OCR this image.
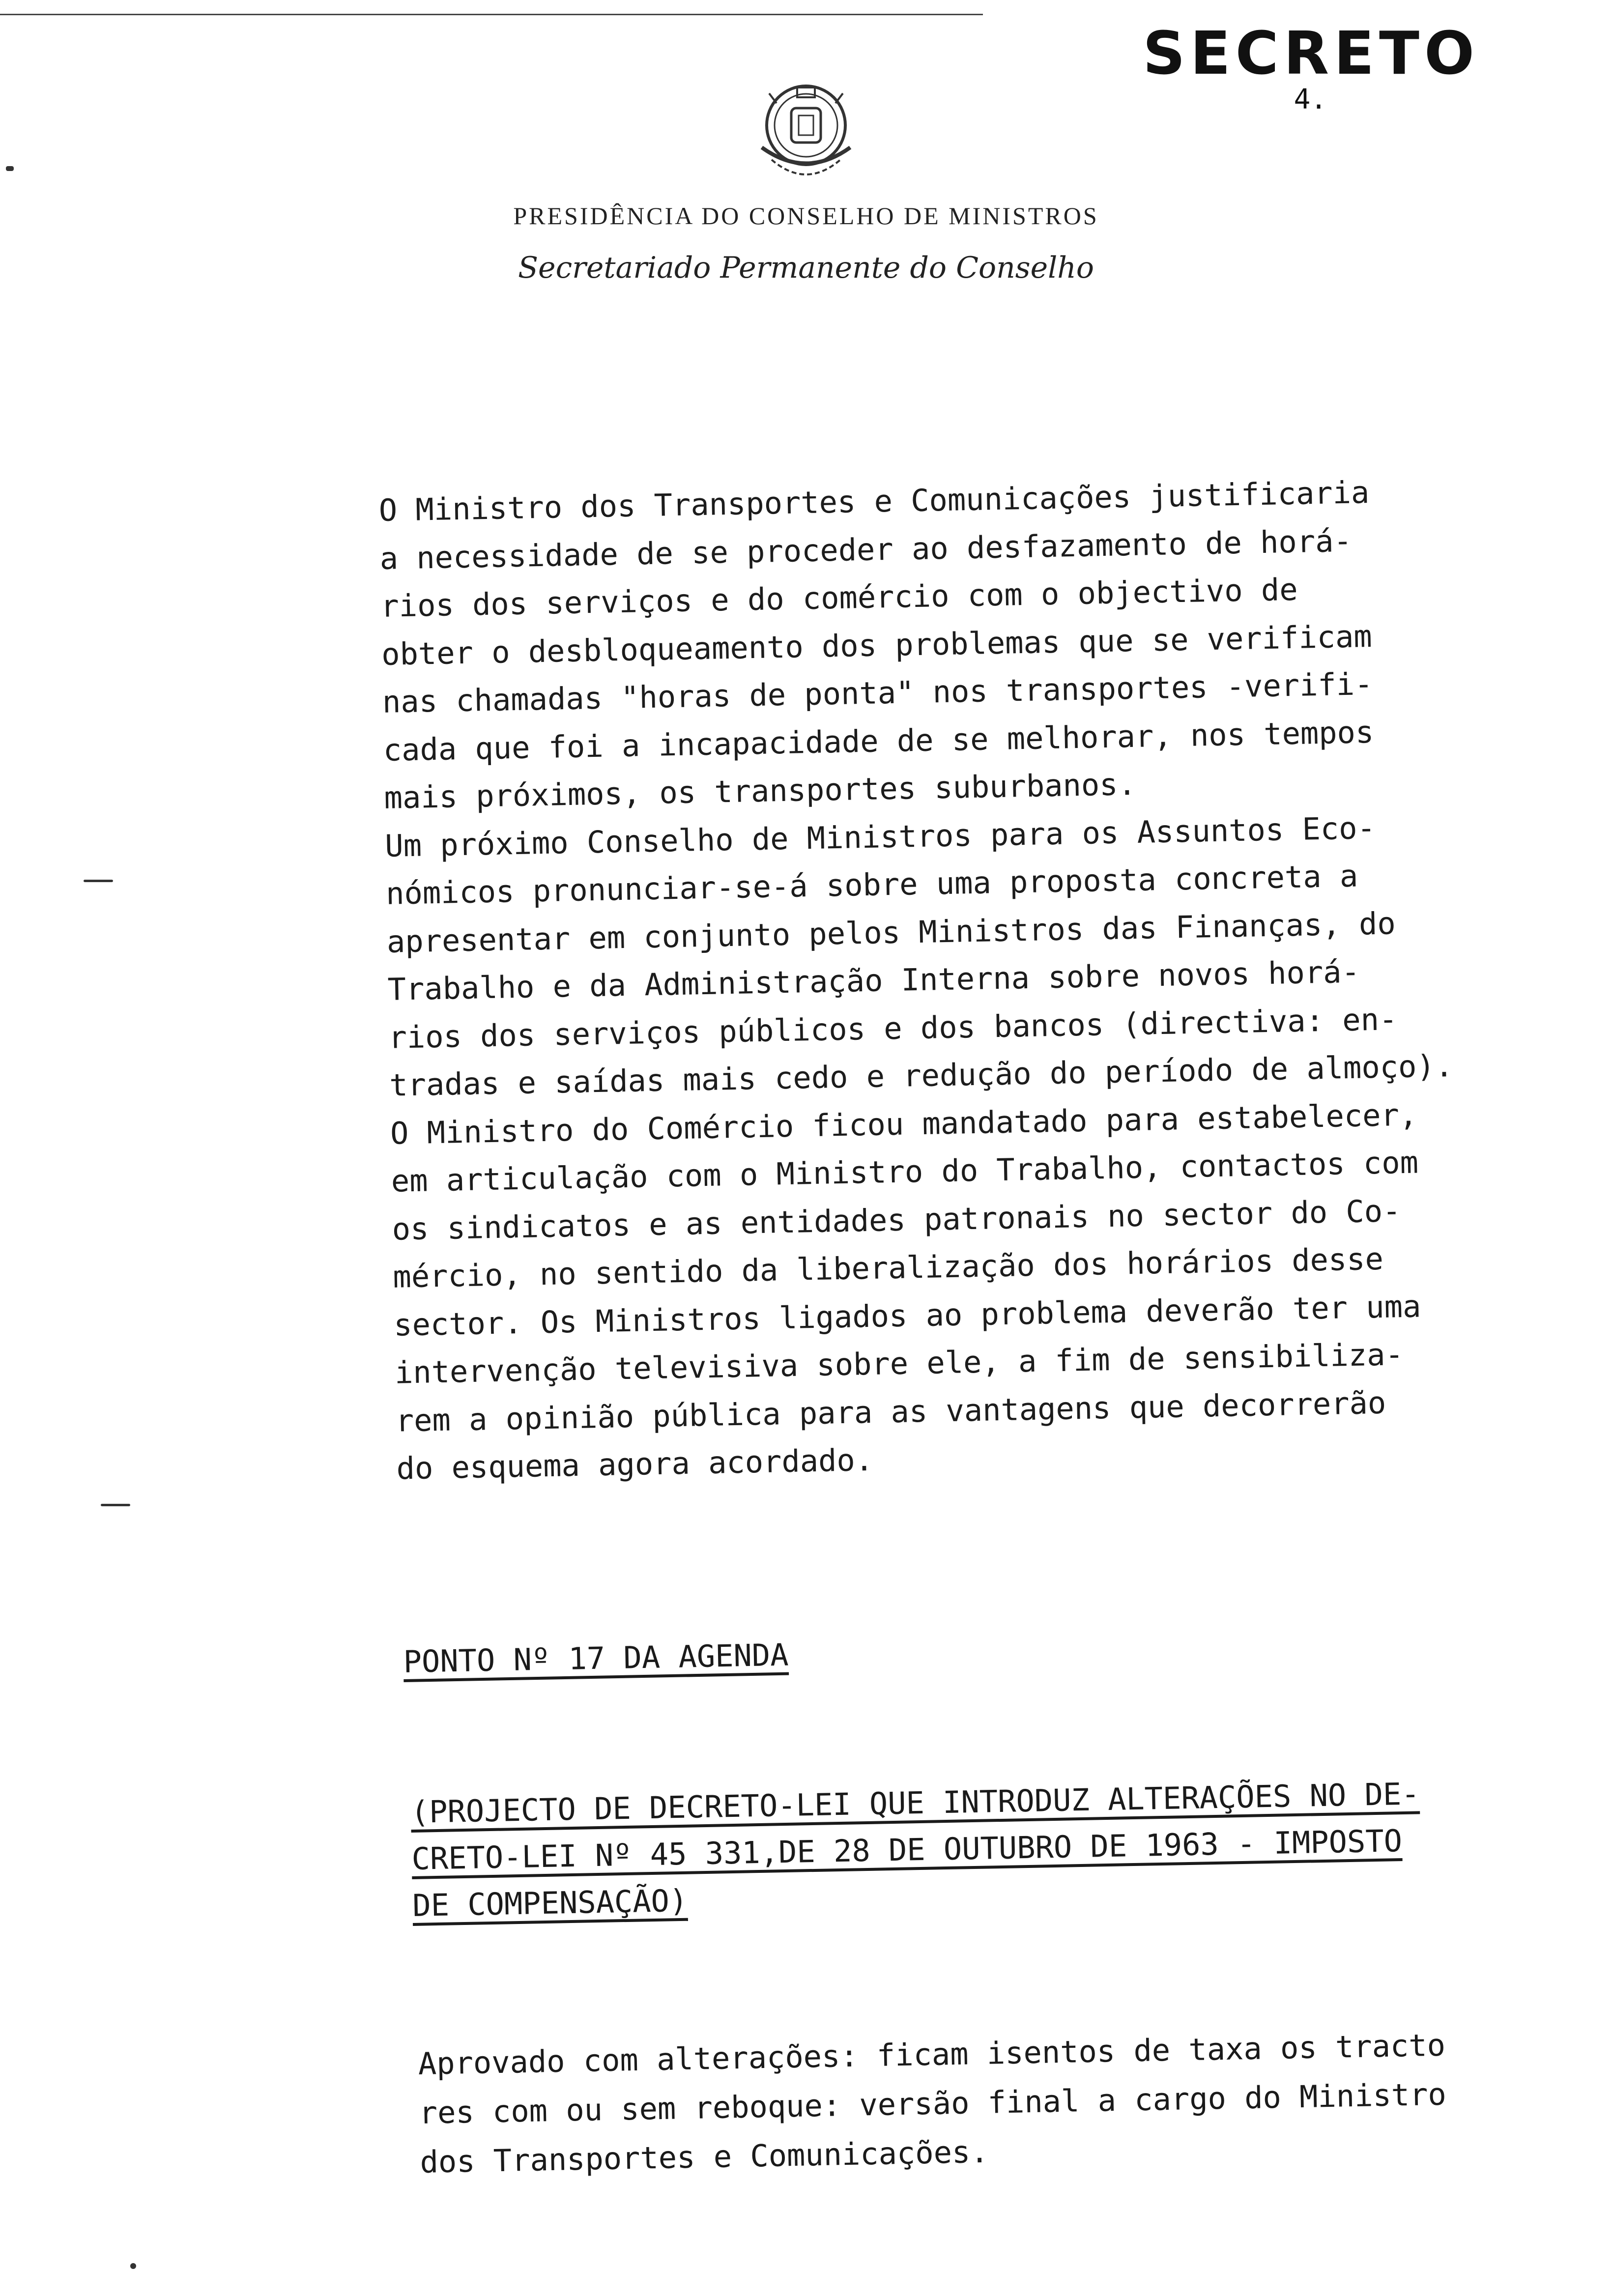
SECRETO
4.
PRESIDÊNCIA DO CONSELHO DE MINISTROS
Secretariado Permanente do Conselho
O Ministro dos Transportes e Comunicações justificaria
a necessidade de se proceder ao desfazamento de horá-
rios dos serviços e do comércio com o objectivo de
obter o desbloqueamento dos problemas que se verificam
nas chamadas "horas de ponta" nos transportes -verifi-
cada que foi a incapacidade de se melhorar, nos tempos
mais próximos, os transportes suburbanos.
Um próximo Conselho de Ministros para os Assuntos Eco-
nómicos pronunciar-se-á sobre uma proposta concreta a
apresentar em conjunto pelos Ministros das Finanças, do
Trabalho e da Administração Interna sobre novos horá-
rios dos serviços públicos e dos bancos (directiva: en-
tradas e saídas mais cedo e redução do período de almoço).
O Ministro do Comércio ficou mandatado para estabelecer,
em articulação com o Ministro do Trabalho, contactos com
os sindicatos e as entidades patronais no sector do Co-
mércio, no sentido da liberalização dos horários desse
sector. Os Ministros ligados ao problema deverão ter uma
intervenção televisiva sobre ele, a fim de sensibiliza-
rem a opinião pública para as vantagens que decorrerão
do esquema agora acordado.
PONTO Nº 17 DA AGENDA
(PROJECTO DE DECRETO-LEI QUE INTRODUZ ALTERAÇÕES NO DE-
CRETO-LEI Nº 45 331,DE 28 DE OUTUBRO DE 1963 - IMPOSTO
DE COMPENSAÇÃO)
Aprovado com alterações: ficam isentos de taxa os tracto
res com ou sem reboque: versão final a cargo do Ministro
dos Transportes e Comunicações.
